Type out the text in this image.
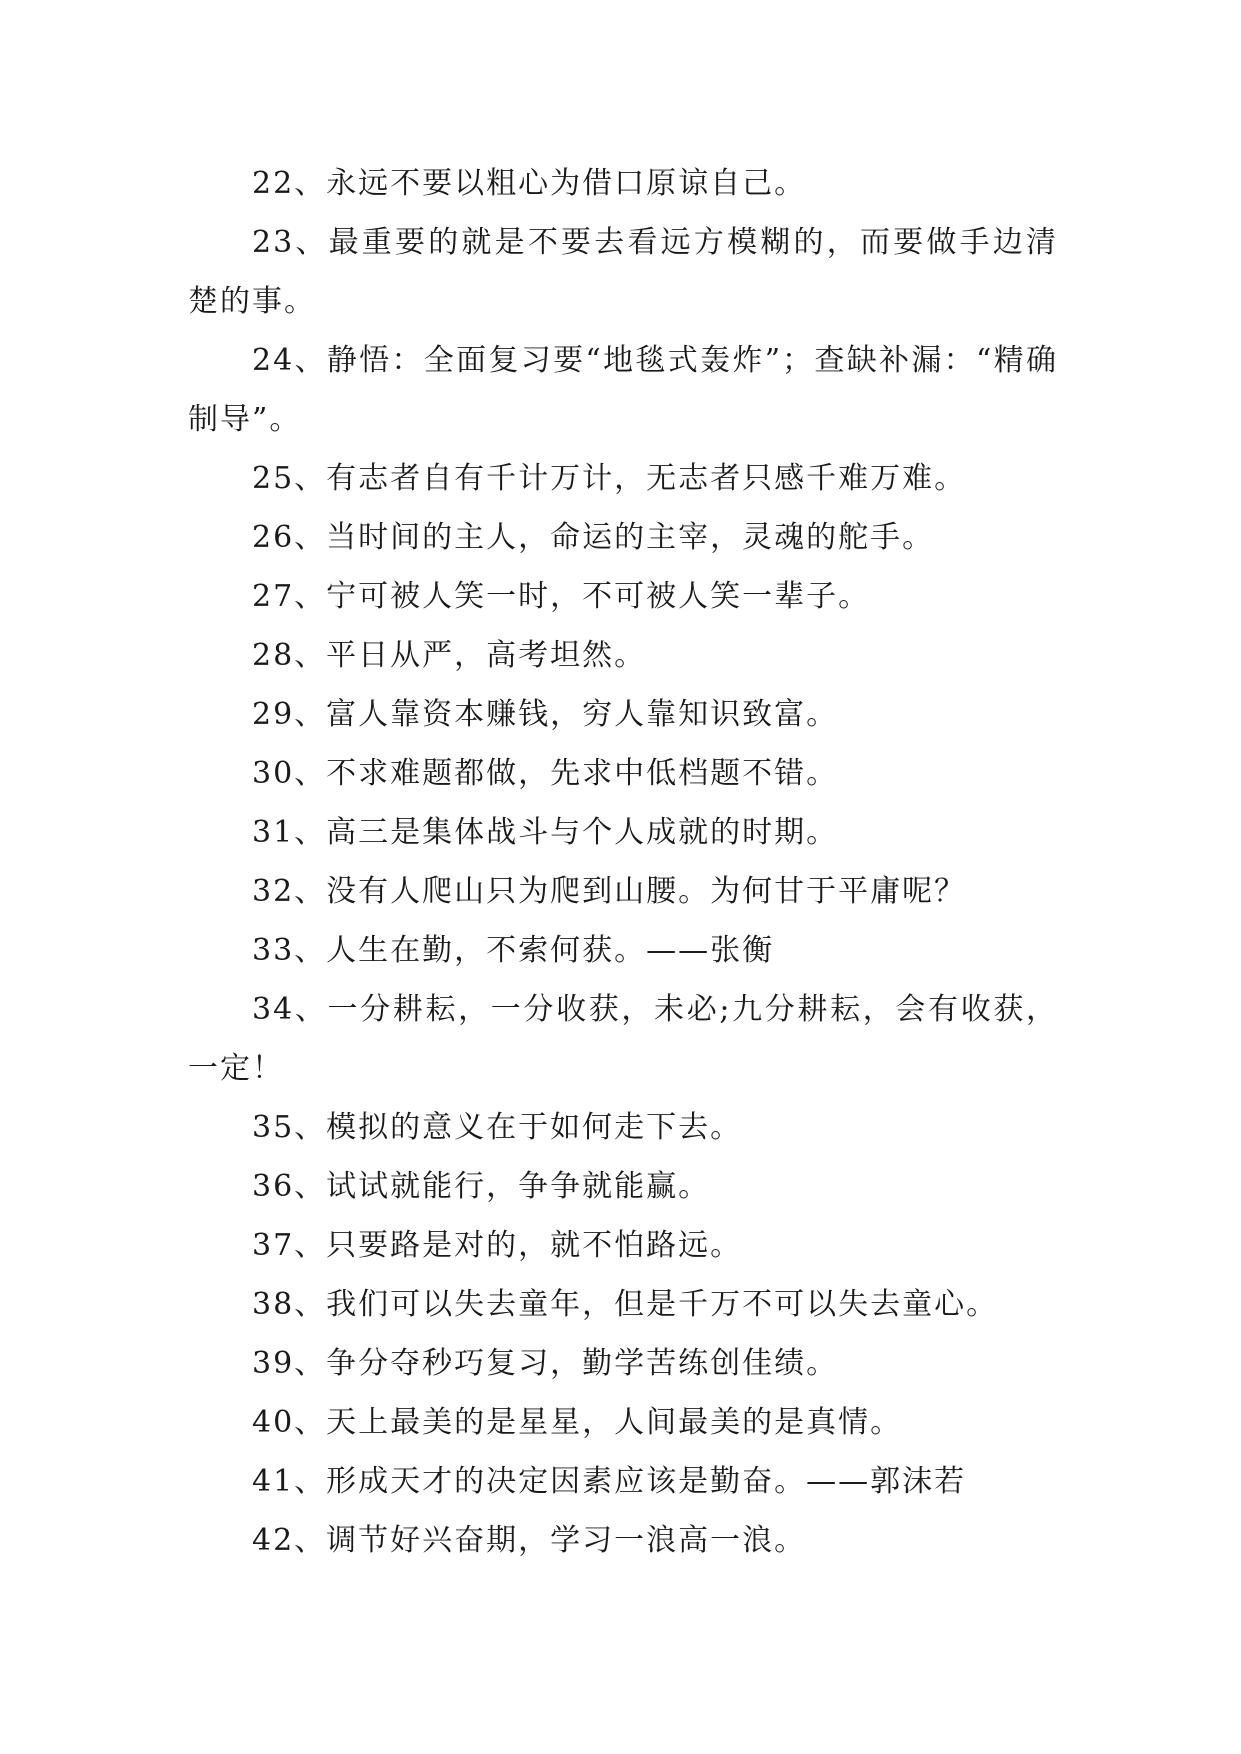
22、永远不要以粗心为借口原谅自己。

23、最重要的就是不要去看远方模糊的，而要做手边清楚的事。

24、静悟：全面复习要“地毯式轰炸”；查缺补漏：“精确制导”。

25、有志者自有千计万计，无志者只感千难万难。

26、当时间的主人，命运的主宰，灵魂的舵手。

27、宁可被人笑一时，不可被人笑一辈子。

28、平日从严，高考坦然。

29、富人靠资本赚钱，穷人靠知识致富。

30、不求难题都做，先求中低档题不错。

31、高三是集体战斗与个人成就的时期。

32、没有人爬山只为爬到山腰。为何甘于平庸呢？

33、人生在勤，不索何获。——张衡

34、一分耕耘，一分收获，未必;九分耕耘，会有收获，一定！

35、模拟的意义在于如何走下去。

36、试试就能行，争争就能赢。

37、只要路是对的，就不怕路远。

38、我们可以失去童年，但是千万不可以失去童心。

39、争分夺秒巧复习，勤学苦练创佳绩。

40、天上最美的是星星，人间最美的是真情。

41、形成天才的决定因素应该是勤奋。——郭沫若

42、调节好兴奋期，学习一浪高一浪。
